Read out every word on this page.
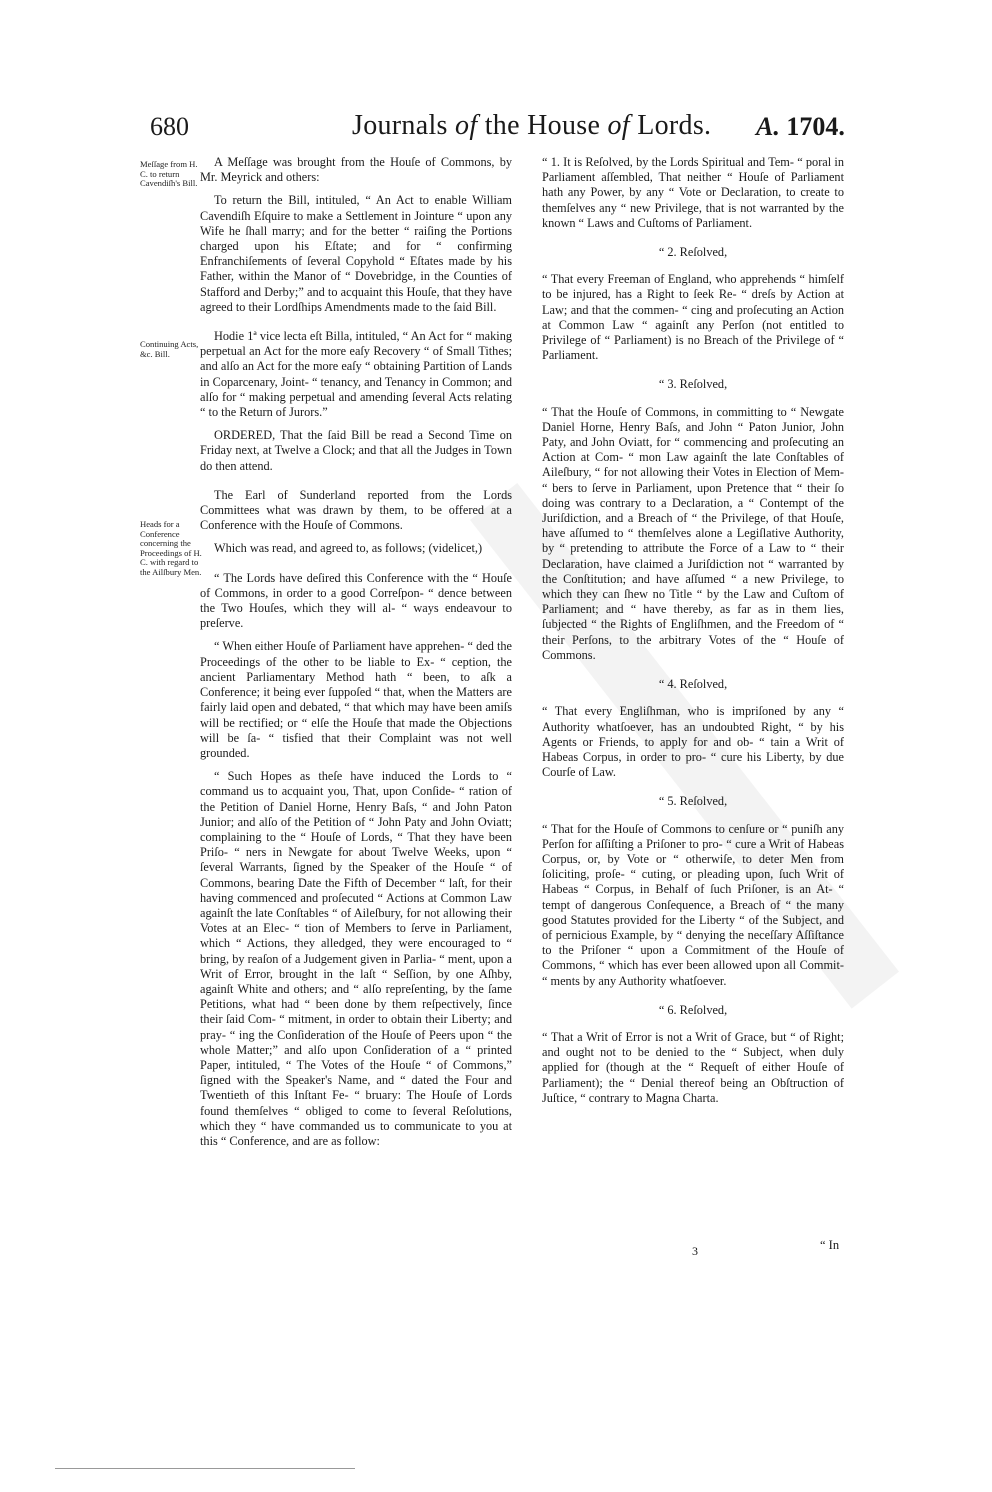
680	Journals of the House of Lords. A. 1704.
Meſſage from H. C. to return Cavendiſh's Bill.
Continuing Acts, &c. Bill.
Heads for a Conference concerning the Proceedings of H. C. with regard to the Ailſbury Men.

A Meſſage was brought from the Houſe of Commons, by Mr. Meyrick and others:

To return the Bill, intituled, “ An Act to enable William Cavendiſh Eſquire to make a Settlement in Jointure “ upon any Wife he ſhall marry; and for the better “ raiſing the Portions charged upon his Eſtate; and for “ confirming Enfranchiſements of ſeveral Copyhold “ Eſtates made by his Father, within the Manor of “ Dovebridge, in the Counties of Stafford and Derby;” and to acquaint this Houſe, that they have agreed to their Lordſhips Amendments made to the ſaid Bill.

Hodie 1ª vice lecta eſt Billa, intituled, “ An Act for “ making perpetual an Act for the more eaſy Recovery “ of Small Tithes; and alſo an Act for the more eaſy “ obtaining Partition of Lands in Coparcenary, Joint- “ tenancy, and Tenancy in Common; and alſo for “ making perpetual and amending ſeveral Acts relating “ to the Return of Jurors.”

ORDERED, That the ſaid Bill be read a Second Time on Friday next, at Twelve a Clock; and that all the Judges in Town do then attend.

The Earl of Sunderland reported from the Lords Committees what was drawn by them, to be offered at a Conference with the Houſe of Commons.

Which was read, and agreed to, as follows; (videlicet,)

“ The Lords have deſired this Conference with the “ Houſe of Commons, in order to a good Correſpon- “ dence between the Two Houſes, which they will al- “ ways endeavour to preſerve.

“ When either Houſe of Parliament have apprehen- “ ded the Proceedings of the other to be liable to Ex- “ ception, the ancient Parliamentary Method hath “ been, to aſk a Conference; it being ever ſuppoſed “ that, when the Matters are fairly laid open and debated, “ that which may have been amiſs will be rectified; or “ elſe the Houſe that made the Objections will be ſa- “ tisfied that their Complaint was not well grounded.

“ Such Hopes as theſe have induced the Lords to “ command us to acquaint you, That, upon Conſide- “ ration of the Petition of Daniel Horne, Henry Baſs, “ and John Paton Junior; and alſo of the Petition of “ John Paty and John Oviatt; complaining to the “ Houſe of Lords, “ That they have been Priſo- “ ners in Newgate for about Twelve Weeks, upon “ ſeveral Warrants, ſigned by the Speaker of the Houſe “ of Commons, bearing Date the Fifth of December “ laſt, for their having commenced and proſecuted “ Actions at Common Law againſt the late Conſtables “ of Aileſbury, for not allowing their Votes at an Elec- “ tion of Members to ſerve in Parliament, which “ Actions, they alledged, they were encouraged to “ bring, by reaſon of a Judgement given in Parlia- “ ment, upon a Writ of Error, brought in the laſt “ Seſſion, by one Aſhby, againſt White and others; and “ alſo repreſenting, by the ſame Petitions, what had “ been done by them reſpectively, ſince their ſaid Com- “ mitment, in order to obtain their Liberty; and pray- “ ing the Conſideration of the Houſe of Peers upon “ the whole Matter;” and alſo upon Conſideration of a “ printed Paper, intituled, “ The Votes of the Houſe “ of Commons,” ſigned with the Speaker's Name, and “ dated the Four and Twentieth of this Inſtant Fe- “ bruary: The Houſe of Lords found themſelves “ obliged to come to ſeveral Reſolutions, which they “ have commanded us to communicate to you at this “ Conference, and are as follow:

“ 1. It is Reſolved, by the Lords Spiritual and Tem- “ poral in Parliament aſſembled, That neither “ Houſe of Parliament hath any Power, by any “ Vote or Declaration, to create to themſelves any “ new Privilege, that is not warranted by the known “ Laws and Cuſtoms of Parliament.

“ 2. Reſolved,

“ That every Freeman of England, who apprehends “ himſelf to be injured, has a Right to ſeek Re- “ dreſs by Action at Law; and that the commen- “ cing and proſecuting an Action at Common Law “ againſt any Perſon (not entitled to Privilege of “ Parliament) is no Breach of the Privilege of “ Parliament.

“ 3. Reſolved,

“ That the Houſe of Commons, in committing to “ Newgate Daniel Horne, Henry Baſs, and John “ Paton Junior, John Paty, and John Oviatt, for “ commencing and proſecuting an Action at Com- “ mon Law againſt the late Conſtables of Aileſbury, “ for not allowing their Votes in Election of Mem- “ bers to ſerve in Parliament, upon Pretence that “ their ſo doing was contrary to a Declaration, a “ Contempt of the Juriſdiction, and a Breach of “ the Privilege, of that Houſe, have aſſumed to “ themſelves alone a Legiſlative Authority, by “ pretending to attribute the Force of a Law to “ their Declaration, have claimed a Juriſdiction not “ warranted by the Conſtitution; and have aſſumed “ a new Privilege, to which they can ſhew no Title “ by the Law and Cuſtom of Parliament; and “ have thereby, as far as in them lies, ſubjected “ the Rights of Engliſhmen, and the Freedom of “ their Perſons, to the arbitrary Votes of the “ Houſe of Commons.

“ 4. Reſolved,

“ That every Engliſhman, who is impriſoned by any “ Authority whatſoever, has an undoubted Right, “ by his Agents or Friends, to apply for and ob- “ tain a Writ of Habeas Corpus, in order to pro- “ cure his Liberty, by due Courſe of Law.

“ 5. Reſolved,

“ That for the Houſe of Commons to cenſure or “ puniſh any Perſon for aſſiſting a Priſoner to pro- “ cure a Writ of Habeas Corpus, or, by Vote or “ otherwiſe, to deter Men from ſoliciting, proſe- “ cuting, or pleading upon, ſuch Writ of Habeas “ Corpus, in Behalf of ſuch Priſoner, is an At- “ tempt of dangerous Conſequence, a Breach of “ the many good Statutes provided for the Liberty “ of the Subject, and of pernicious Example, by “ denying the neceſſary Aſſiſtance to the Priſoner “ upon a Commitment of the Houſe of Commons, “ which has ever been allowed upon all Commit- “ ments by any Authority whatſoever.

“ 6. Reſolved,

“ That a Writ of Error is not a Writ of Grace, but “ of Right; and ought not to be denied to the “ Subject, when duly applied for (though at the “ Requeſt of either Houſe of Parliament); the “ Denial thereof being an Obſtruction of Juſtice, “ contrary to Magna Charta.

3	“ In
